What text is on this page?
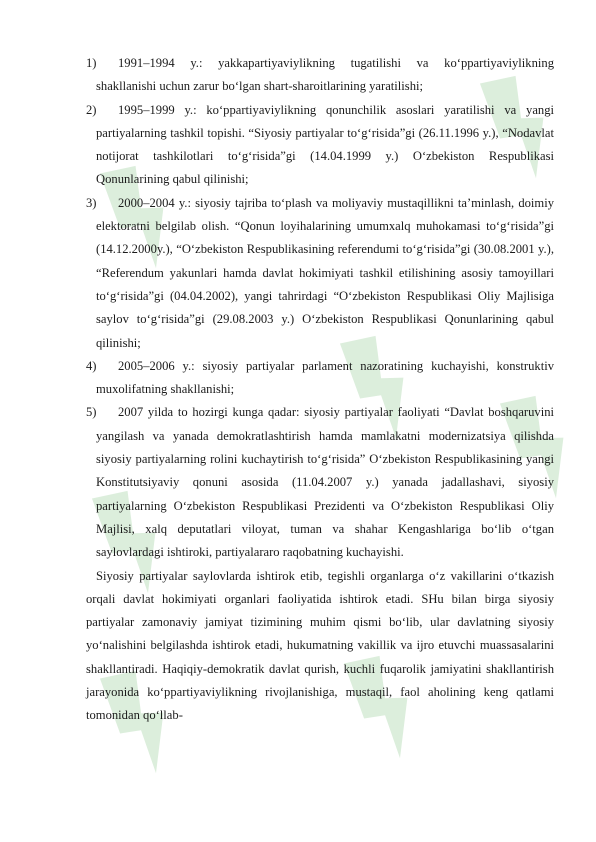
1)	1991–1994 y.: yakkapartiyaviylikning tugatilishi va ko‘ppartiyaviylikning shakllanishi uchun zarur bo‘lgan shart-sharoitlarining yaratilishi;

2)	1995–1999 y.: ko‘ppartiyaviylikning qonunchilik asoslari yaratilishi va yangi partiyalarning tashkil topishi. “Siyosiy partiyalar to‘g‘risida”gi (26.11.1996 y.), “Nodavlat notijorat tashkilotlari to‘g‘risida”gi (14.04.1999 y.) O‘zbekiston Respublikasi Qonunlarining qabul qilinishi;

3)	2000–2004 y.: siyosiy tajriba to‘plash va moliyaviy mustaqillikni ta’minlash, doimiy elektoratni belgilab olish. “Qonun loyihalarining umumxalq muhokamasi to‘g‘risida”gi (14.12.2000y.), “O‘zbekiston Respublikasining referendumi to‘g‘risida”gi (30.08.2001 y.), “Referendum yakunlari hamda davlat hokimiyati tashkil etilishining asosiy tamoyillari to‘g‘risida”gi (04.04.2002), yangi tahrirdagi “O‘zbekiston Respublikasi Oliy Majlisiga saylov to‘g‘risida”gi (29.08.2003 y.) O‘zbekiston Respublikasi Qonunlarining qabul qilinishi;

4)	2005–2006 y.: siyosiy partiyalar parlament nazoratining kuchayishi, konstruktiv muxolifatning shakllanishi;

5)	2007 yilda to hozirgi kunga qadar: siyosiy partiyalar faoliyati “Davlat boshqaruvini yangilash va yanada demokratlashtirish hamda mamlakatni modernizatsiya qilishda siyosiy partiyalarning rolini kuchaytirish to‘g‘risida” O‘zbekiston Respublikasining yangi Konstitutsiyaviy qonuni asosida (11.04.2007 y.) yanada jadallashavi, siyosiy partiyalarning O‘zbekiston Respublikasi Prezidenti va O‘zbekiston Respublikasi Oliy Majlisi, xalq deputatlari viloyat, tuman va shahar Kengashlariga bo‘lib o‘tgan saylovlardagi ishtiroki, partiyalararo raqobatning kuchayishi.

Siyosiy partiyalar saylovlarda ishtirok etib, tegishli organlarga o‘z vakillarini o‘tkazish orqali davlat hokimiyati organlari faoliyatida ishtirok etadi. SHu bilan birga siyosiy partiyalar zamonaviy jamiyat tizimining muhim qismi bo‘lib, ular davlatning siyosiy yo‘nalishini belgilashda ishtirok etadi, hukumatning vakillik va ijro etuvchi muassasalarini shakllantiradi. Haqiqiy-demokratik davlat qurish, kuchli fuqarolik jamiyatini shakllantirish jarayonida ko‘ppartiyaviylikning rivojlanishiga, mustaqil, faol aholining keng qatlami tomonidan qo‘llab-
